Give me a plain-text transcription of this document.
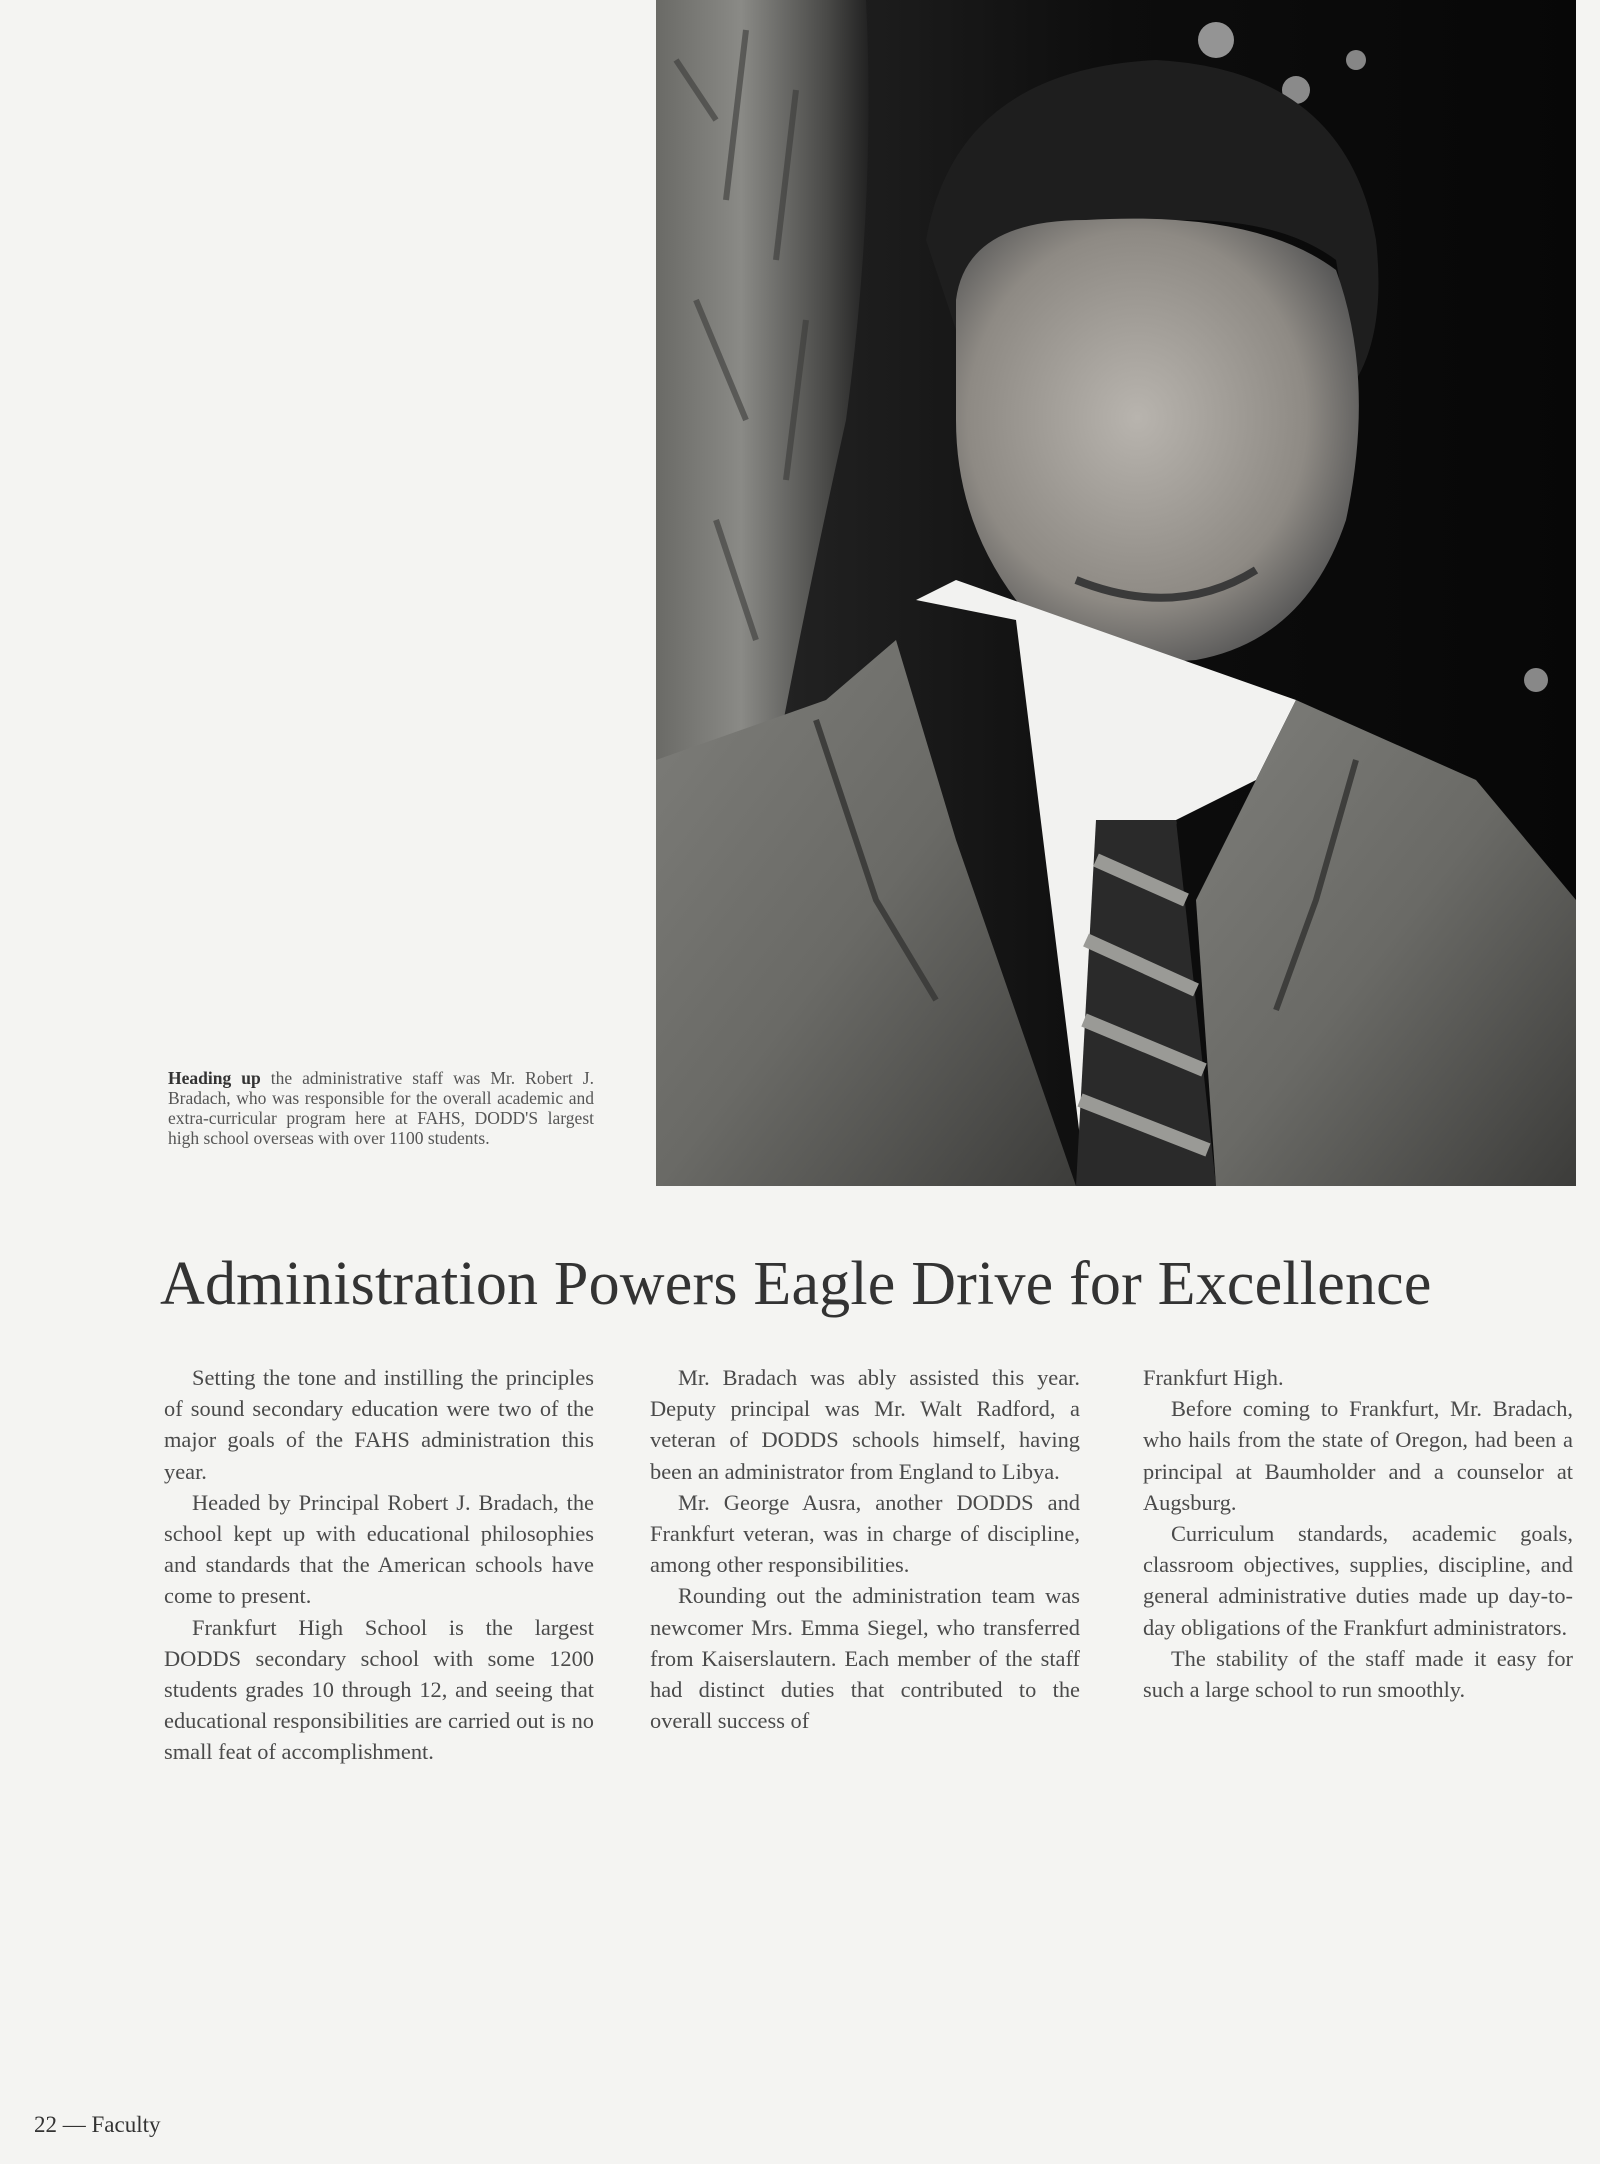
Heading up the administrative staff was Mr. Robert J. Bradach, who was responsible for the overall academic and extra-curricular program here at FAHS, DODD'S largest high school overseas with over 1100 students.
Administration Powers Eagle Drive for Excellence

Setting the tone and instilling the principles of sound secondary education were two of the major goals of the FAHS administration this year.

Headed by Principal Robert J. Bradach, the school kept up with educational philosophies and standards that the American schools have come to present.

Frankfurt High School is the largest DODDS secondary school with some 1200 students grades 10 through 12, and seeing that educational responsibilities are carried out is no small feat of accomplishment.

Mr. Bradach was ably assisted this year. Deputy principal was Mr. Walt Radford, a veteran of DODDS schools himself, having been an administrator from England to Libya.

Mr. George Ausra, another DODDS and Frankfurt veteran, was in charge of discipline, among other responsibilities.

Rounding out the administration team was newcomer Mrs. Emma Siegel, who transferred from Kaiserslautern. Each member of the staff had distinct duties that contributed to the overall success of

Frankfurt High.

Before coming to Frankfurt, Mr. Bradach, who hails from the state of Oregon, had been a principal at Baumholder and a counselor at Augsburg.

Curriculum standards, academic goals, classroom objectives, supplies, discipline, and general administrative duties made up day-to-day obligations of the Frankfurt administrators.

The stability of the staff made it easy for such a large school to run smoothly.

22 — Faculty
